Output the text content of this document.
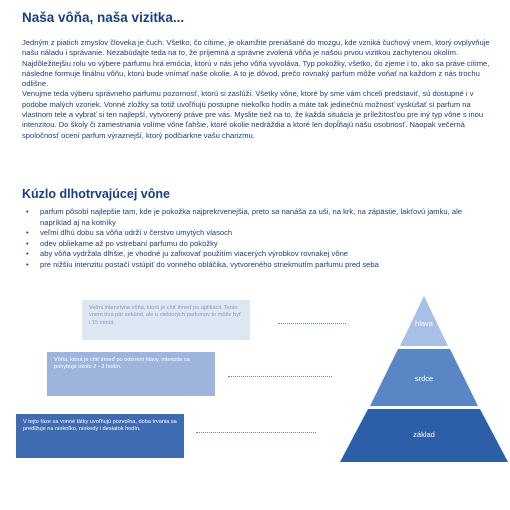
Naša vôňa, naša vizitka...

Jedným z piatich zmyslov človeka je čuch. Všetko, čo cítime, je okamžite prenášané do mozgu, kde vzniká čuchový vnem, ktorý ovplyvňuje našu náladu i správanie. Nezabúdajte teda na to, že príjemná a správne zvolená vôňa je našou prvou vizitkou zachytenou okolím.

Najdôležitejšiu rolu vo výbere parfumu hrá emócia, ktorú v nás jeho vôňa vyvoláva. Typ pokožky, všetko, čo zjeme i to, ako sa práve cítime, následne formuje finálnu vôňu, ktorú bude vnímať naše okolie. A to je dôvod, prečo rovnaký parfum môže voňať na každom z nás trochu odlišne.

Venujme teda výberu správneho parfumu pozornosť, ktorú si zaslúži. Všetky vône, ktoré by sme vám chceli predstaviť, sú dostupné i v podobe malých vzoriek. Vonné zložky sa totiž uvoľňujú postupne niekoľko hodín a máte tak jedinečnú možnosť vyskúšať si parfum na vlastnom tele a vybrať si ten najlepší, vytvorený práve pre vás. Myslite tiež na to, že každá situácia je príležitosťou pre iný typ vône s inou intenzitou. Do školy či zamestnania volíme vône ľahšie, ktoré okolie nedráždia a ktoré len dopĺňajú našu osobnosť. Naopak večerná spoločnosť ocení parfum výraznejší, ktorý podčiarkne vašu charizmu.

Kúzlo dlhotrvajúcej vône
• parfum pôsobí najlepšie tam, kde je pokožka najprekrvenejšia, preto sa nanáša za uši, na krk, na zápästie, lakťovú jamku, ale napríklad aj na kotníky
• veľmi dlhú dobu sa vôňa udrží v čerstvo umytých vlasoch
• odev obliekame až po vstrebaní parfumu do pokožky
• aby vôňa vydržala dlhšie, je vhodné ju zafixovať použitím viacerých výrobkov rovnakej vône
• pre nižšiu intenzitu postačí vstúpiť do vonného obláčika, vytvoreného striekmutím parfumu pred seba
Veľmi intenzívna vôňa, ktorú je cítiť ihneď po aplikácii. Tento vnem trvá pár sekúnd, ale u niektorých parfumov to môže byť i 15 minút.
Vôňa, ktorá je cítiť ihneď po odznení hlavy, intenzita sa pohybuje okolo 2 - 3 hodín.
V tejto fáze sa vonné látky uvoľňujú pozvoľna, doba trvania sa predlžuje na niekoľko, niekedy i desiatok hodín.
hlava
srdce
základ
